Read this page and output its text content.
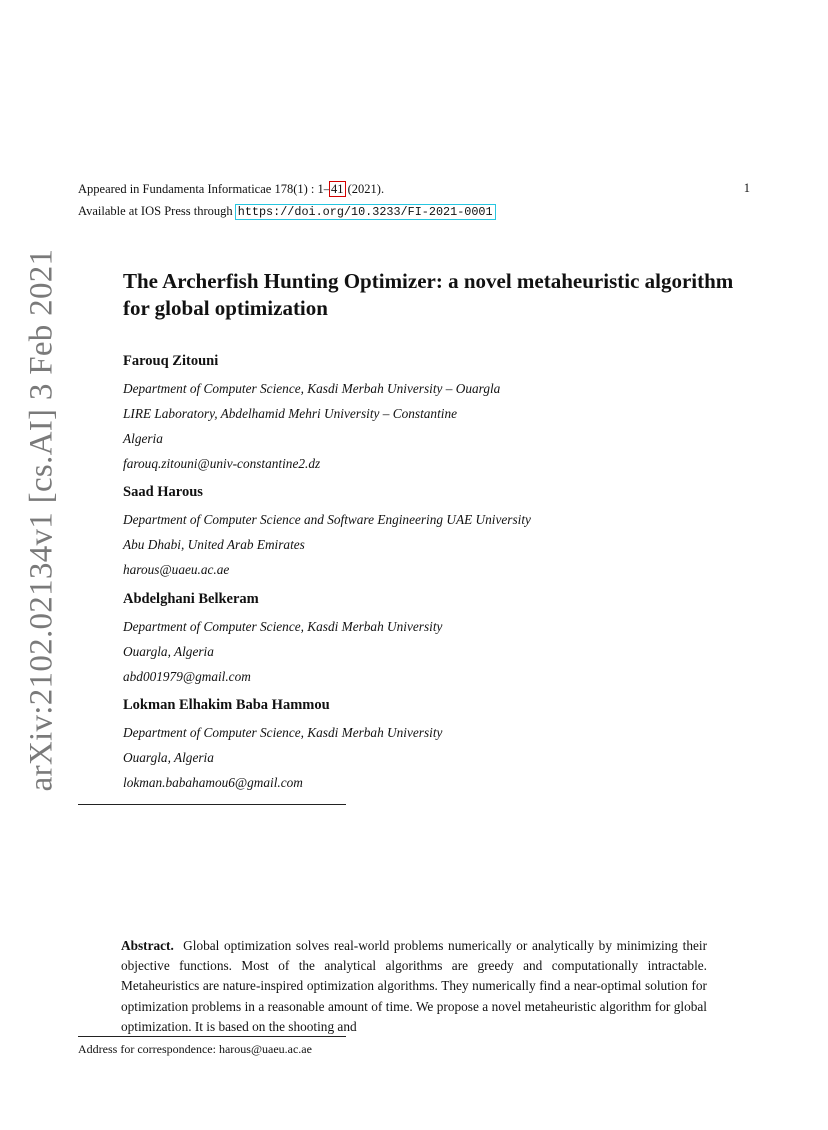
arXiv:2102.02134v1 [cs.AI] 3 Feb 2021
Appeared in Fundamenta Informaticae 178(1) : 1–41 (2021).	1
Available at IOS Press through https://doi.org/10.3233/FI-2021-0001
The Archerfish Hunting Optimizer: a novel metaheuristic algorithm for global optimization
Farouq Zitouni
Department of Computer Science, Kasdi Merbah University – Ouargla
LIRE Laboratory, Abdelhamid Mehri University – Constantine
Algeria
farouq.zitouni@univ-constantine2.dz
Saad Harous
Department of Computer Science and Software Engineering UAE University
Abu Dhabi, United Arab Emirates
harous@uaeu.ac.ae
Abdelghani Belkeram
Department of Computer Science, Kasdi Merbah University
Ouargla, Algeria
abd001979@gmail.com
Lokman Elhakim Baba Hammou
Department of Computer Science, Kasdi Merbah University
Ouargla, Algeria
lokman.babahamou6@gmail.com
Abstract. Global optimization solves real-world problems numerically or analytically by minimizing their objective functions. Most of the analytical algorithms are greedy and computationally intractable. Metaheuristics are nature-inspired optimization algorithms. They numerically find a near-optimal solution for optimization problems in a reasonable amount of time. We propose a novel metaheuristic algorithm for global optimization. It is based on the shooting and
Address for correspondence: harous@uaeu.ac.ae
